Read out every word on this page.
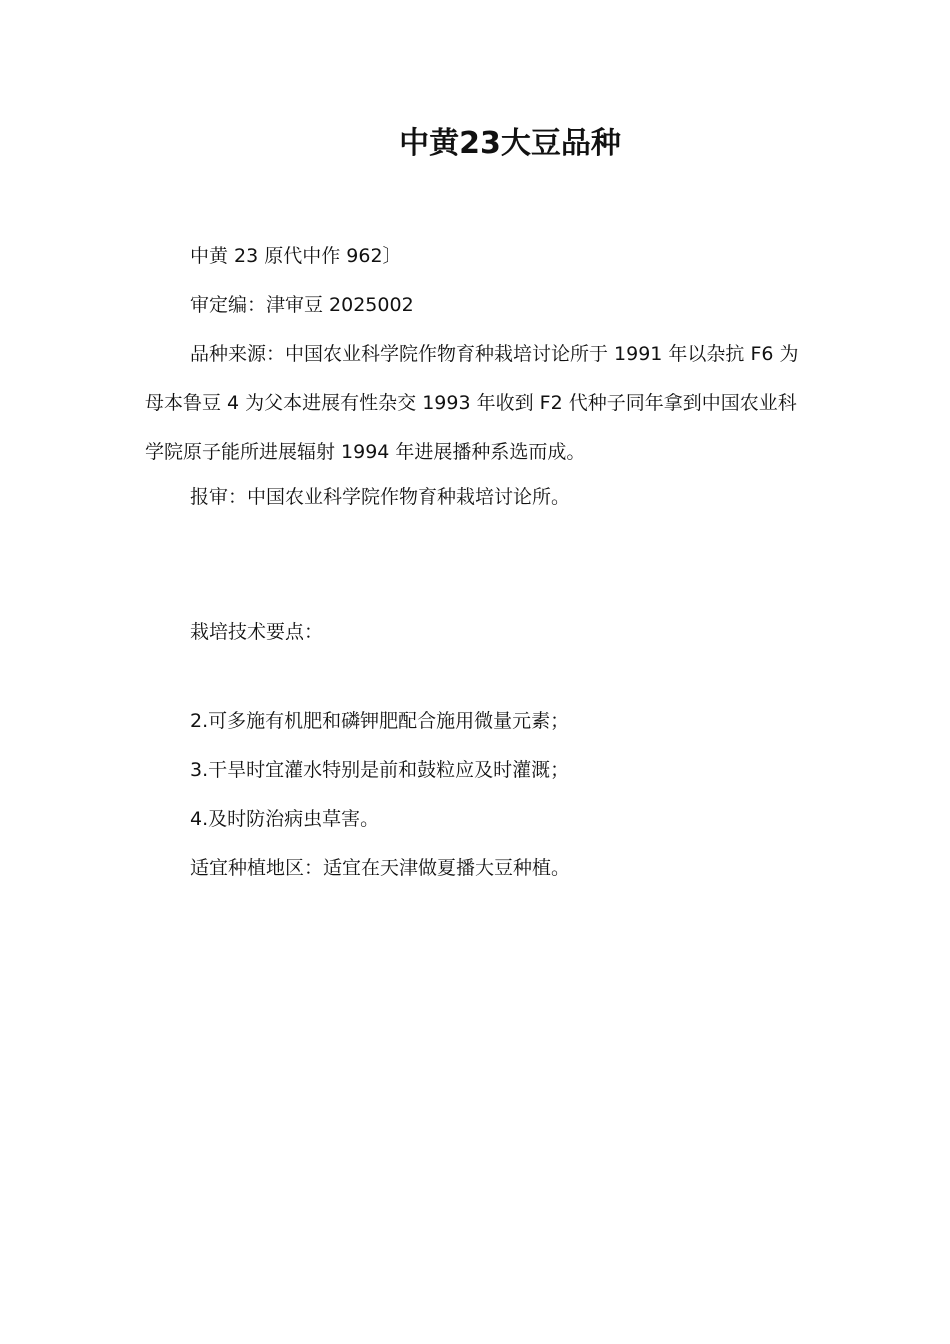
中黄23大豆品种

中黄 23 原代中作 962〕

审定编：津审豆 2025002

品种来源：中国农业科学院作物育种栽培讨论所于 1991 年以杂抗 F6 为母本鲁豆 4 为父本进展有性杂交 1993 年收到 F2 代种子同年拿到中国农业科学院原子能所进展辐射 1994 年进展播种系选而成。

报审：中国农业科学院作物育种栽培讨论所。

栽培技术要点：

2.可多施有机肥和磷钾肥配合施用微量元素；

3.干旱时宜灌水特别是前和鼓粒应及时灌溉；

4.及时防治病虫草害。

适宜种植地区：适宜在天津做夏播大豆种植。
